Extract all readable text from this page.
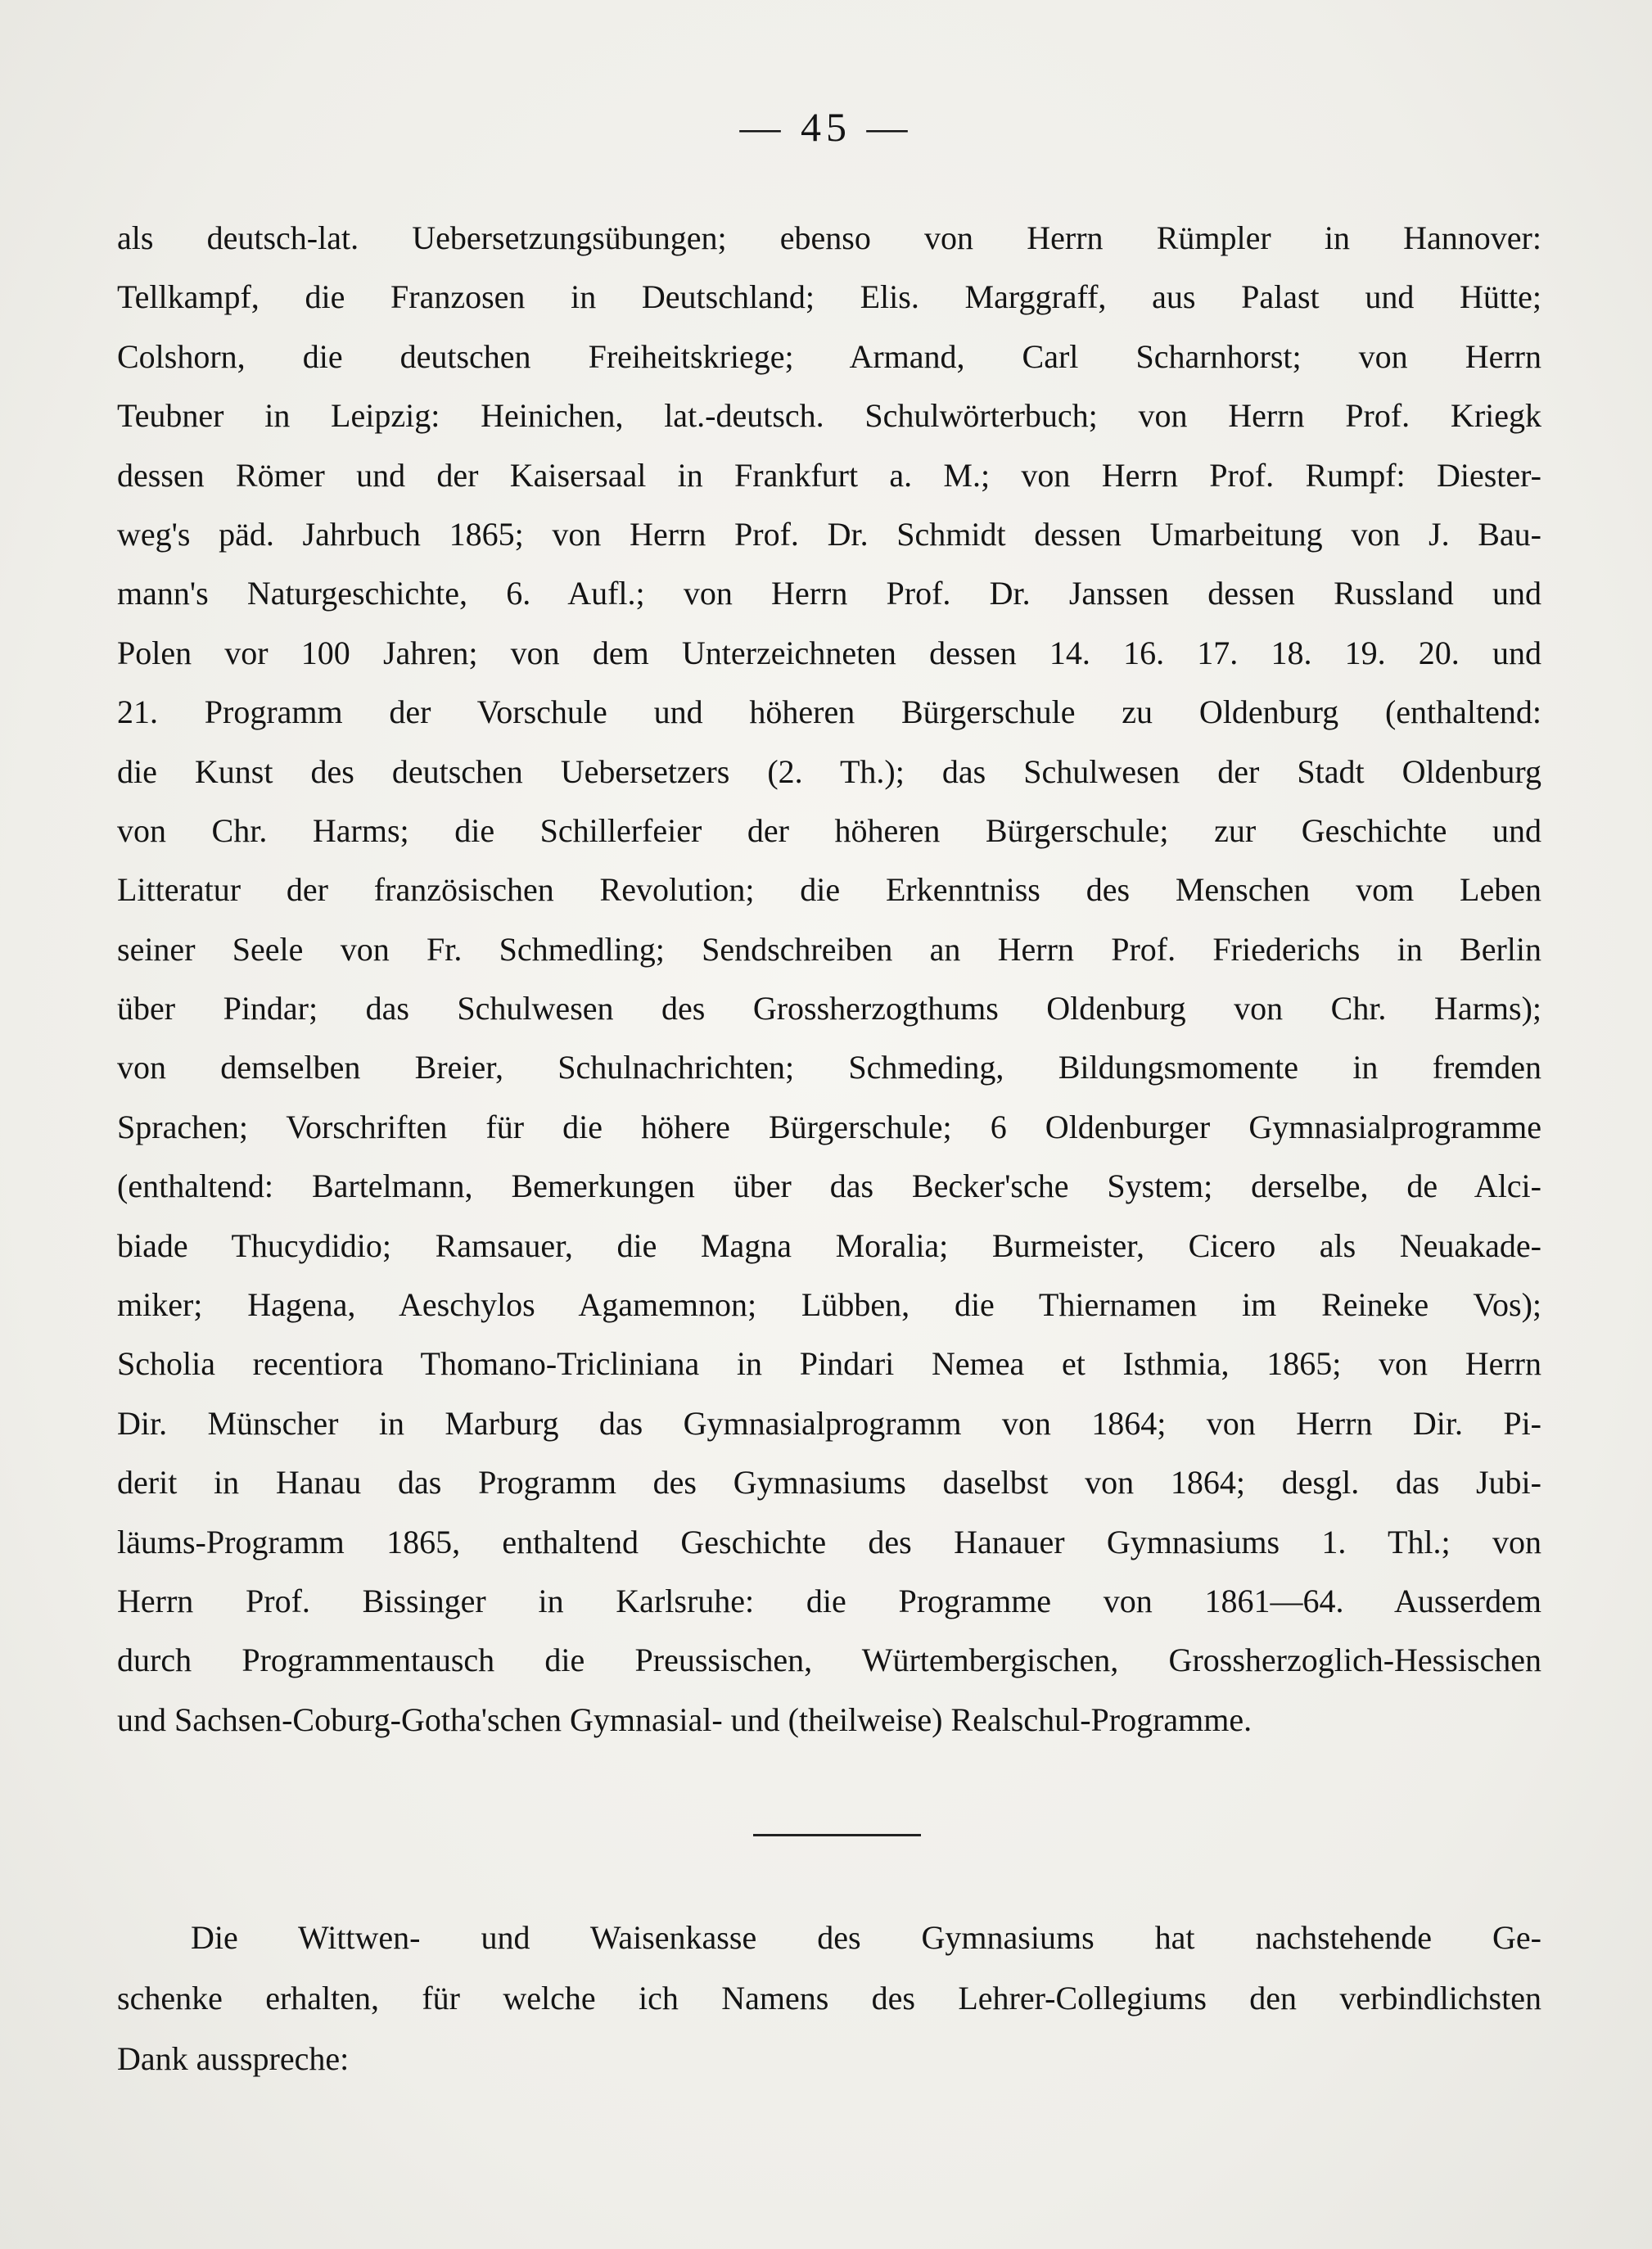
— 45 —
als deutsch-lat. Uebersetzungsübungen; ebenso von Herrn Rümpler in Hannover:
Tellkampf, die Franzosen in Deutschland; Elis. Marggraff, aus Palast und Hütte;
Colshorn, die deutschen Freiheitskriege; Armand, Carl Scharnhorst; von Herrn
Teubner in Leipzig: Heinichen, lat.-deutsch. Schulwörterbuch; von Herrn Prof. Kriegk
dessen Römer und der Kaisersaal in Frankfurt a. M.; von Herrn Prof. Rumpf: Diester-
weg's päd. Jahrbuch 1865; von Herrn Prof. Dr. Schmidt dessen Umarbeitung von J. Bau-
mann's Naturgeschichte, 6. Aufl.; von Herrn Prof. Dr. Janssen dessen Russland und
Polen vor 100 Jahren; von dem Unterzeichneten dessen 14. 16. 17. 18. 19. 20. und
21. Programm der Vorschule und höheren Bürgerschule zu Oldenburg (enthaltend:
die Kunst des deutschen Uebersetzers (2. Th.); das Schulwesen der Stadt Oldenburg
von Chr. Harms; die Schillerfeier der höheren Bürgerschule; zur Geschichte und
Litteratur der französischen Revolution; die Erkenntniss des Menschen vom Leben
seiner Seele von Fr. Schmedling; Sendschreiben an Herrn Prof. Friederichs in Berlin
über Pindar; das Schulwesen des Grossherzogthums Oldenburg von Chr. Harms);
von demselben Breier, Schulnachrichten; Schmeding, Bildungsmomente in fremden
Sprachen; Vorschriften für die höhere Bürgerschule; 6 Oldenburger Gymnasialprogramme
(enthaltend: Bartelmann, Bemerkungen über das Becker'sche System; derselbe, de Alci-
biade Thucydidio; Ramsauer, die Magna Moralia; Burmeister, Cicero als Neuakade-
miker; Hagena, Aeschylos Agamemnon; Lübben, die Thiernamen im Reineke Vos);
Scholia recentiora Thomano-Tricliniana in Pindari Nemea et Isthmia, 1865; von Herrn
Dir. Münscher in Marburg das Gymnasialprogramm von 1864; von Herrn Dir. Pi-
derit in Hanau das Programm des Gymnasiums daselbst von 1864; desgl. das Jubi-
läums-Programm 1865, enthaltend Geschichte des Hanauer Gymnasiums 1. Thl.; von
Herrn Prof. Bissinger in Karlsruhe: die Programme von 1861—64. Ausserdem
durch Programmentausch die Preussischen, Würtembergischen, Grossherzoglich-Hessischen
und Sachsen-Coburg-Gotha'schen Gymnasial- und (theilweise) Realschul-Programme.
Die Wittwen- und Waisenkasse des Gymnasiums hat nachstehende Ge-
schenke erhalten, für welche ich Namens des Lehrer-Collegiums den verbindlichsten
Dank ausspreche:
